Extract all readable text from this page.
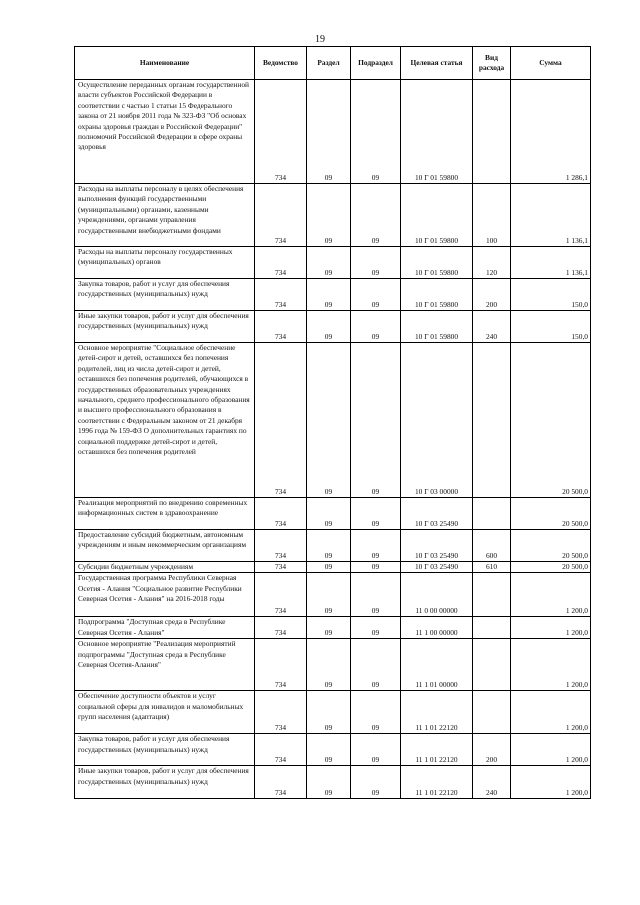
19
Наименование	Ведомство	Раздел	Подраздел	Целевая статья	Вид расхода	Сумма
Осуществление переданных органам государственной власти субъектов Российской Федерации в соответствии с частью 1 статьи 15 Федерального закона от 21 ноября 2011 года № 323-ФЗ "Об основах охраны здоровья граждан в Российской Федерации" полномочий Российской Федерации в сфере охраны здоровья	734	09	09	10 Г 01 59800		1 286,1
Расходы на выплаты персоналу в целях обеспечения выполнения функций государственными (муниципальными) органами, казенными учреждениями, органами управления государственными внебюджетными фондами	734	09	09	10 Г 01 59800	100	1 136,1
Расходы на выплаты персоналу государственных (муниципальных) органов	734	09	09	10 Г 01 59800	120	1 136,1
Закупка товаров, работ и услуг для обеспечения государственных (муниципальных) нужд	734	09	09	10 Г 01 59800	200	150,0
Иные закупки товаров, работ и услуг для обеспечения государственных (муниципальных) нужд	734	09	09	10 Г 01 59800	240	150,0
Основное мероприятие "Социальное обеспечение детей-сирот и детей, оставшихся без попечения родителей, лиц из числа детей-сирот и детей, оставшихся без попечения родителей, обучающихся в государственных образовательных учреждениях начального, среднего профессионального образования и высшего профессионального образования в соответствии с Федеральным законом от 21 декабря 1996 года № 159-ФЗ О дополнительных гарантиях по социальной поддержке детей-сирот и детей, оставшихся без попечения родителей	734	09	09	10 Г 03 00000		20 500,0
Реализация мероприятий по внедрению современных информационных систем в здравоохранение	734	09	09	10 Г 03 25490		20 500,0
Предоставление субсидий бюджетным, автономным учреждениям и иным некоммерческим организациям	734	09	09	10 Г 03 25490	600	20 500,0
Субсидии бюджетным учреждениям	734	09	09	10 Г 03 25490	610	20 500,0
Государственная программа Республики Северная Осетия - Алания "Социальное развитие Республики Северная Осетия - Алания" на 2016-2018 годы	734	09	09	11 0 00 00000		1 200,0
Подпрограмма "Доступная среда в Республике Северная Осетия - Алания"	734	09	09	11 1 00 00000		1 200,0
Основное мероприятие "Реализация мероприятий подпрограммы "Доступная среда в Республике Северная Осетия-Алания"	734	09	09	11 1 01 00000		1 200,0
Обеспечение доступности объектов и услуг социальной сферы для инвалидов и маломобильных групп населения (адаптация)	734	09	09	11 1 01 22120		1 200,0
Закупка товаров, работ и услуг для обеспечения государственных (муниципальных) нужд	734	09	09	11 1 01 22120	200	1 200,0
Иные закупки товаров, работ и услуг для обеспечения государственных (муниципальных) нужд	734	09	09	11 1 01 22120	240	1 200,0
